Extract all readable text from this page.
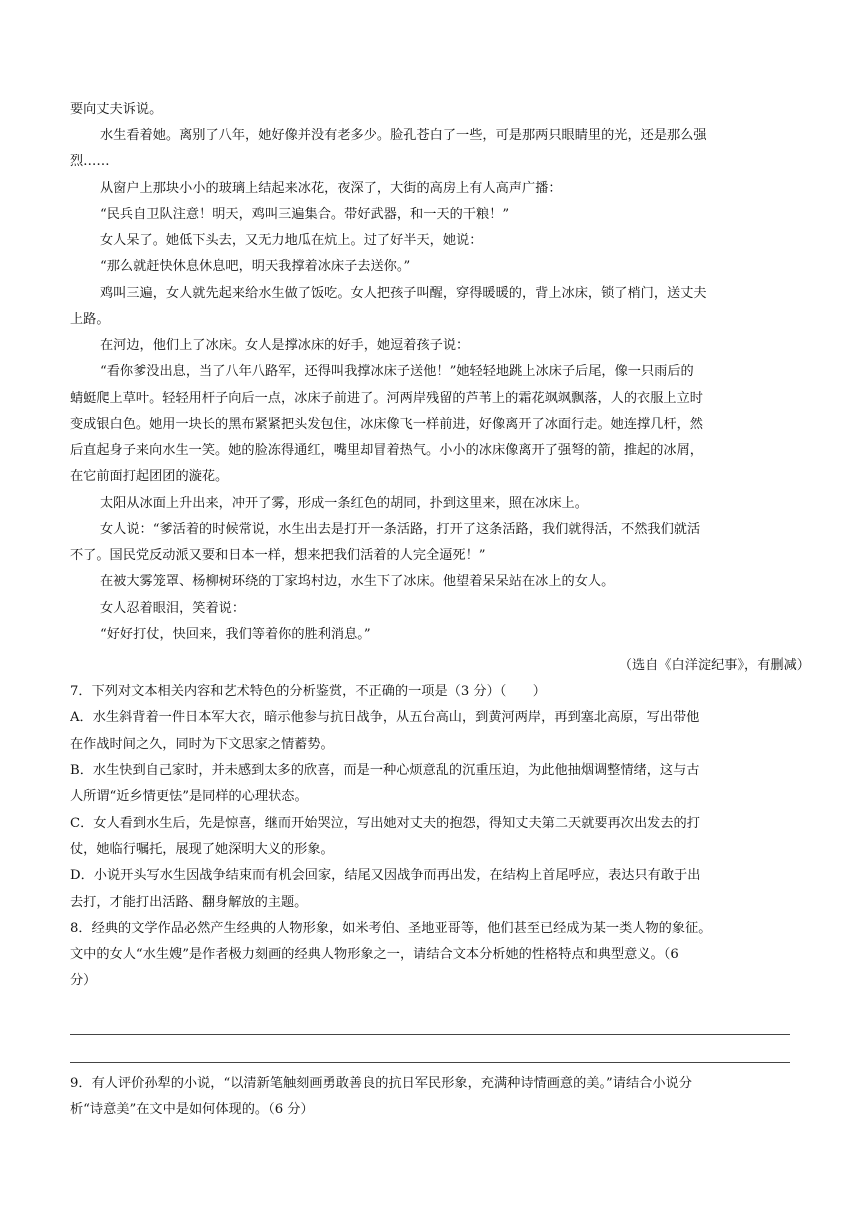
要向丈夫诉说。
水生看着她。离别了八年，她好像并没有老多少。脸孔苍白了一些，可是那两只眼睛里的光，还是那么强
烈……
从窗户上那块小小的玻璃上结起来冰花，夜深了，大街的高房上有人高声广播：
“民兵自卫队注意！明天，鸡叫三遍集合。带好武器，和一天的干粮！”
女人呆了。她低下头去，又无力地瓜在炕上。过了好半天，她说：
“那么就赶快休息休息吧，明天我撑着冰床子去送你。”
鸡叫三遍，女人就先起来给水生做了饭吃。女人把孩子叫醒，穿得暖暖的，背上冰床，锁了梢门，送丈夫
上路。
在河边，他们上了冰床。女人是撑冰床的好手，她逗着孩子说：
“看你爹没出息，当了八年八路军，还得叫我撑冰床子送他！”她轻轻地跳上冰床子后尾，像一只雨后的
蜻蜓爬上草叶。轻轻用杆子向后一点，冰床子前进了。河两岸残留的芦苇上的霜花飒飒飘落，人的衣服上立时
变成银白色。她用一块长的黑布紧紧把头发包住，冰床像飞一样前进，好像离开了冰面行走。她连撑几杆，然
后直起身子来向水生一笑。她的脸冻得通红，嘴里却冒着热气。小小的冰床像离开了强弩的箭，推起的冰屑，
在它前面打起团团的漩花。
太阳从冰面上升出来，冲开了雾，形成一条红色的胡同，扑到这里来，照在冰床上。
女人说：“爹活着的时候常说，水生出去是打开一条活路，打开了这条活路，我们就得活，不然我们就活
不了。国民党反动派又要和日本一样，想来把我们活着的人完全逼死！”
在被大雾笼罩、杨柳树环绕的丁家坞村边，水生下了冰床。他望着呆呆站在冰上的女人。
女人忍着眼泪，笑着说：
“好好打仗，快回来，我们等着你的胜利消息。”
（选自《白洋淀纪事》，有删减）
7．下列对文本相关内容和艺术特色的分析鉴赏，不正确的一项是（3 分）（　　）
A．水生斜背着一件日本军大衣，暗示他参与抗日战争，从五台高山，到黄河两岸，再到塞北高原，写出带他
在作战时间之久，同时为下文思家之情蓄势。
B．水生快到自己家时，并未感到太多的欣喜，而是一种心烦意乱的沉重压迫，为此他抽烟调整情绪，这与古
人所谓“近乡情更怯”是同样的心理状态。
C．女人看到水生后，先是惊喜，继而开始哭泣，写出她对丈夫的抱怨，得知丈夫第二天就要再次出发去的打
仗，她临行嘱托，展现了她深明大义的形象。
D．小说开头写水生因战争结束而有机会回家，结尾又因战争而再出发，在结构上首尾呼应，表达只有敢于出
去打，才能打出活路、翻身解放的主题。
8．经典的文学作品必然产生经典的人物形象，如米考伯、圣地亚哥等，他们甚至已经成为某一类人物的象征。
文中的女人“水生嫂”是作者极力刻画的经典人物形象之一，请结合文本分析她的性格特点和典型意义。（6
分）
9．有人评价孙犁的小说，“以清新笔触刻画勇敢善良的抗日军民形象，充满种诗情画意的美。”请结合小说分
析“诗意美”在文中是如何体现的。（6 分）
